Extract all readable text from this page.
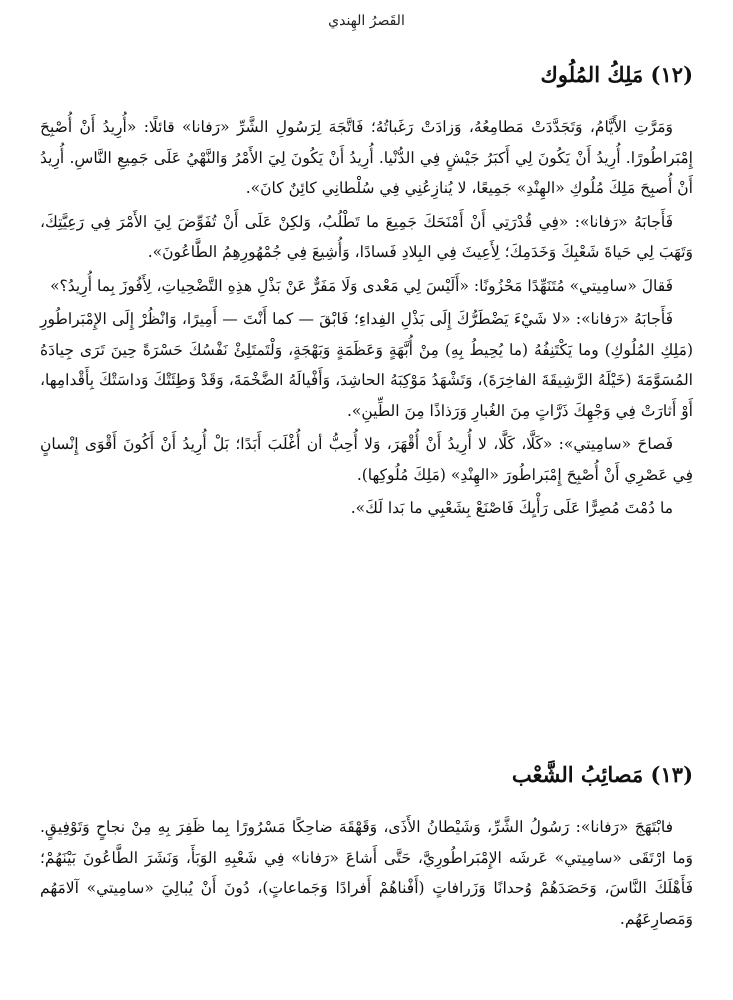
القَصرُ الهِندي
(١٢) مَلِكُ المُلُوك

وَمَرَّتِ الأَيَّامُ، وَتَجَدَّدَتْ مَطامِعُهُ، وَزادَتْ رَغَباتُهُ؛ فَاتَّجَهَ لِرَسُولِ الشَّرِّ «رَفانا» قائلًا: «أُرِيدُ أَنْ أُصْبِحَ إِمْبَراطُورًا. أُرِيدُ أَنْ يَكُونَ لِي أَكبَرُ جَيْشٍ فِي الدُّنْيا. أُرِيدُ أَنْ يَكُونَ لِيَ الأَمْرُ وَالنَّهْيُ عَلَى جَمِيعِ النَّاسِ. أُرِيدُ أَنْ أُصبِحَ مَلِكَ مُلُوكِ «الهِنْدِ» جَمِيعًا، لا يُنازِعُنِي فِي سُلْطانِي كائِنٌ كانَ».

فَأَجابَهُ «رَفانا»: «فِي قُدْرَتِي أَنْ أَمْنَحَكَ جَمِيعَ ما تَطْلُبُ، وَلكِنْ عَلَى أَنْ تُفَوِّضَ لِيَ الأَمْرَ فِي رَعِيَّتِكَ، وَتَهَبَ لِي حَياةَ شَعْبِكَ وَخَدَمِكَ؛ لِأَعِيثَ فِي البِلادِ فَسادًا، وَأُشِيعَ فِي جُمْهُورِهِمُ الطَّاعُونَ».

فَقالَ «سامِيتي» مُتَنَهِّدًا مَحْزُونًا: «أَلَيْسَ لِي مَعْدى وَلَا مَفَرٌّ عَنْ بَذْلِ هذِهِ التَّضْحِياتِ، لِأَفُوزَ بِما أُرِيدُ؟»

فَأَجابَهُ «رَفانا»: «لا شَيْءَ يَضْطَرُّكَ إِلَى بَذْلِ الفِداءِ؛ فَابْقَ — كما أَنْتَ — أَمِيرًا، وَانْظُرْ إِلَى الإِمْبَراطُورِ (مَلِكِ المُلُوكِ) وما يَكْتَنِفُهُ (ما يُحِيطُ بِهِ) مِنْ أُبَّهَةٍ وَعَظَمَةٍ وَبَهْجَةٍ، وَلْتَمتَلِئْ نَفْسُكَ حَسْرَةً حِينَ تَرَى جِيادَهُ المُسَوَّمَةَ (خَيْلَهُ الرَّشِيقَةَ الفاخِرَةَ)، وَتَشْهَدُ مَوْكِبَهُ الحاشِدَ، وَأَفْيالَهُ الضَّخْمَةَ، وَقَدْ وَطِئَتْكَ وَداسَتْكَ بِأَقْدامِها، أَوْ أَثارَتْ فِي وَجْهِكَ ذَرَّاتٍ مِنَ الغُبارِ وَرَذاذًا مِنَ الطِّينِ».

فَصاحَ «سامِيتي»: «كَلَّا، كَلَّا، لا أُرِيدُ أَنْ أُقْهَرَ، وَلا أُحِبُّ أن أُغْلَبَ أَبَدًا؛ بَلْ أُرِيدُ أَنْ أَكُونَ أَقْوَى إِنْسانٍ فِي عَصْرِي أَنْ أُصْبِحَ إِمْبَراطُورَ «الهِنْدِ» (مَلِكَ مُلُوكِها).

ما دُمْتَ مُصِرًّا عَلَى رَأْيِكَ فَاصْنَعْ بِشَعْبِي ما بَدا لَكَ».

(١٣) مَصائِبُ الشَّعْب

فابْتَهَجَ «رَفانا»: رَسُولُ الشَّرِّ، وَشَيْطانُ الأَذَى، وَقَهْقَهَ ضاحِكًا مَسْرُورًا بِما ظَفِرَ بِهِ مِنْ نجاحٍ وَتَوْفِيقٍ. وَما ارْتَقَى «سامِيتي» عَرشَه الإِمْبَراطُورِيَّ، حَتَّى أَشاعَ «رَفانا» فِي شَعْبِهِ الوَبَأَ، وَنَشَرَ الطَّاعُونَ بَيْنَهُمْ؛ فَأَهْلَكَ النَّاسَ، وَحَصَدَهُمْ وُحدانًا وَزَرافاتٍ (أَفْناهُمْ أَفرادًا وَجَماعاتٍ)، دُونَ أَنْ يُبالِيَ «سامِيتي» آلامَهُم وَمَصارِعَهُم.
